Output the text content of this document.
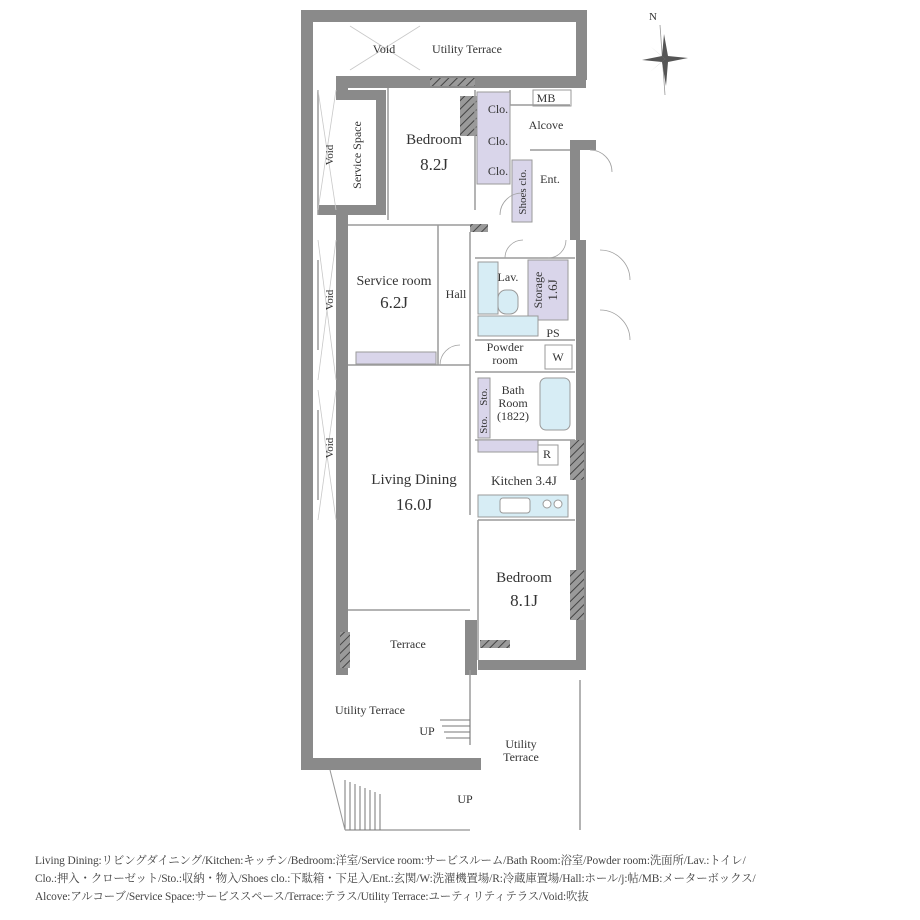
N
Void	Utility Terrace
MB
Alcove
Clo.
Clo.
Clo.
Bedroom
8.2J
Ent.
Shoes clo.
Service Space
Void
Void
Void
Service room
6.2J	Hall
Lav. Storage 1.6J
PS
Powder
room	W
Bath
Room
(1822)
Sto.
Sto.
R
Living Dining
16.0J
Kitchen 3.4J
Bedroom
8.1J
Terrace
Utility Terrace
Utility
Terrace
UP
UP
Living Dining:リビングダイニング/Kitchen:キッチン/Bedroom:洋室/Service room:サービスルーム/Bath Room:浴室/Powder room:洗面所/Lav.:トイレ/
Clo.:押入・クローゼット/Sto.:収納・物入/Shoes clo.:下駄箱・下足入/Ent.:玄関/W:洗濯機置場/R:冷蔵庫置場/Hall:ホール/j:帖/MB:メーターボックス/
Alcove:アルコーブ/Service Space:サービススペース/Terrace:テラス/Utility Terrace:ユーティリティテラス/Void:吹抜
